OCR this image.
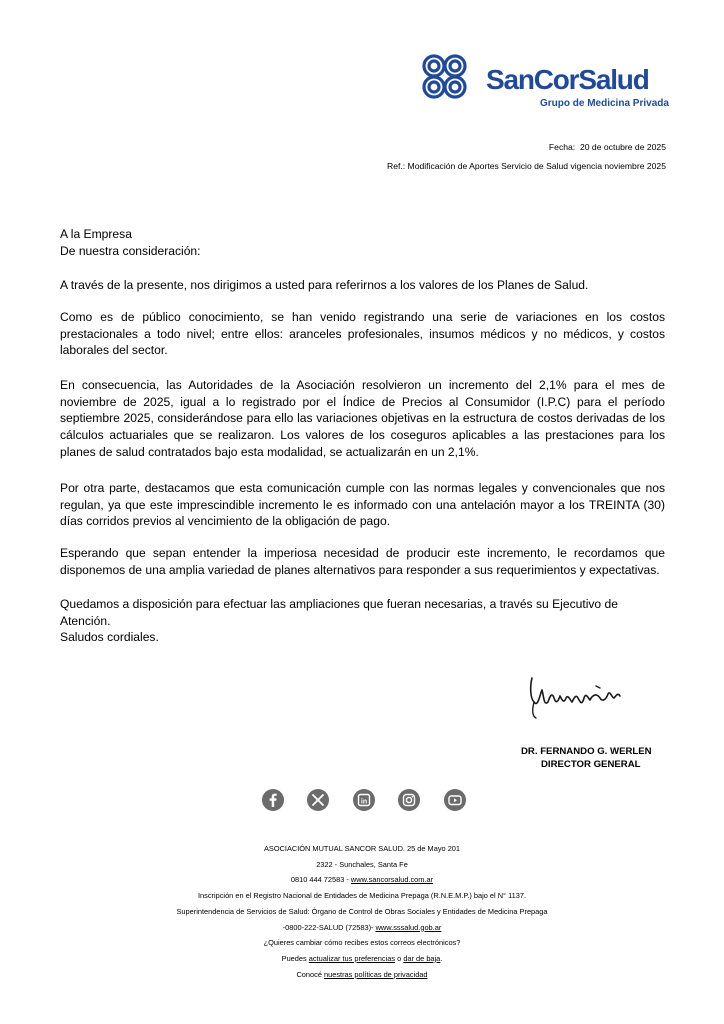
SanCorSalud
Grupo de Medicina Privada
Fecha: 20 de octubre de 2025
Ref.: Modificación de Aportes Servicio de Salud vigencia noviembre 2025

A la Empresa

De nuestra consideración:

A través de la presente, nos dirigimos a usted para referirnos a los valores de los Planes de Salud.

Como es de público conocimiento, se han venido registrando una serie de variaciones en los costos prestacionales a todo nivel; entre ellos: aranceles profesionales, insumos médicos y no médicos, y costos laborales del sector.

En consecuencia, las Autoridades de la Asociación resolvieron un incremento del 2,1% para el mes de noviembre de 2025, igual a lo registrado por el Índice de Precios al Consumidor (I.P.C) para el período septiembre 2025, considerándose para ello las variaciones objetivas en la estructura de costos derivadas de los cálculos actuariales que se realizaron. Los valores de los coseguros aplicables a las prestaciones para los planes de salud contratados bajo esta modalidad, se actualizarán en un 2,1%.

Por otra parte, destacamos que esta comunicación cumple con las normas legales y convencionales que nos regulan, ya que este imprescindible incremento le es informado con una antelación mayor a los TREINTA (30) días corridos previos al vencimiento de la obligación de pago.

Esperando que sepan entender la imperiosa necesidad de producir este incremento, le recordamos que disponemos de una amplia variedad de planes alternativos para responder a sus requerimientos y expectativas.

Quedamos a disposición para efectuar las ampliaciones que fueran necesarias, a través su Ejecutivo de Atención.

Saludos cordiales.

DR. FERNANDO G. WERLEN
DIRECTOR GENERAL
in
ASOCIACIÓN MUTUAL SANCOR SALUD. 25 de Mayo 201
2322 - Sunchales, Santa Fe
0810 444 72583 - www.sancorsalud.com.ar
Inscripción en el Registro Nacional de Entidades de Medicina Prepaga (R.N.E.M.P.) bajo el N° 1137.
Superintendencia de Servicios de Salud: Órgano de Control de Obras Sociales y Entidades de Medicina Prepaga
-0800-222-SALUD (72583)- www.sssalud.gob.ar
¿Quieres cambiar cómo recibes estos correos electrónicos?
Puedes actualizar tus preferencias o dar de baja.
Conocé nuestras políticas de privacidad
